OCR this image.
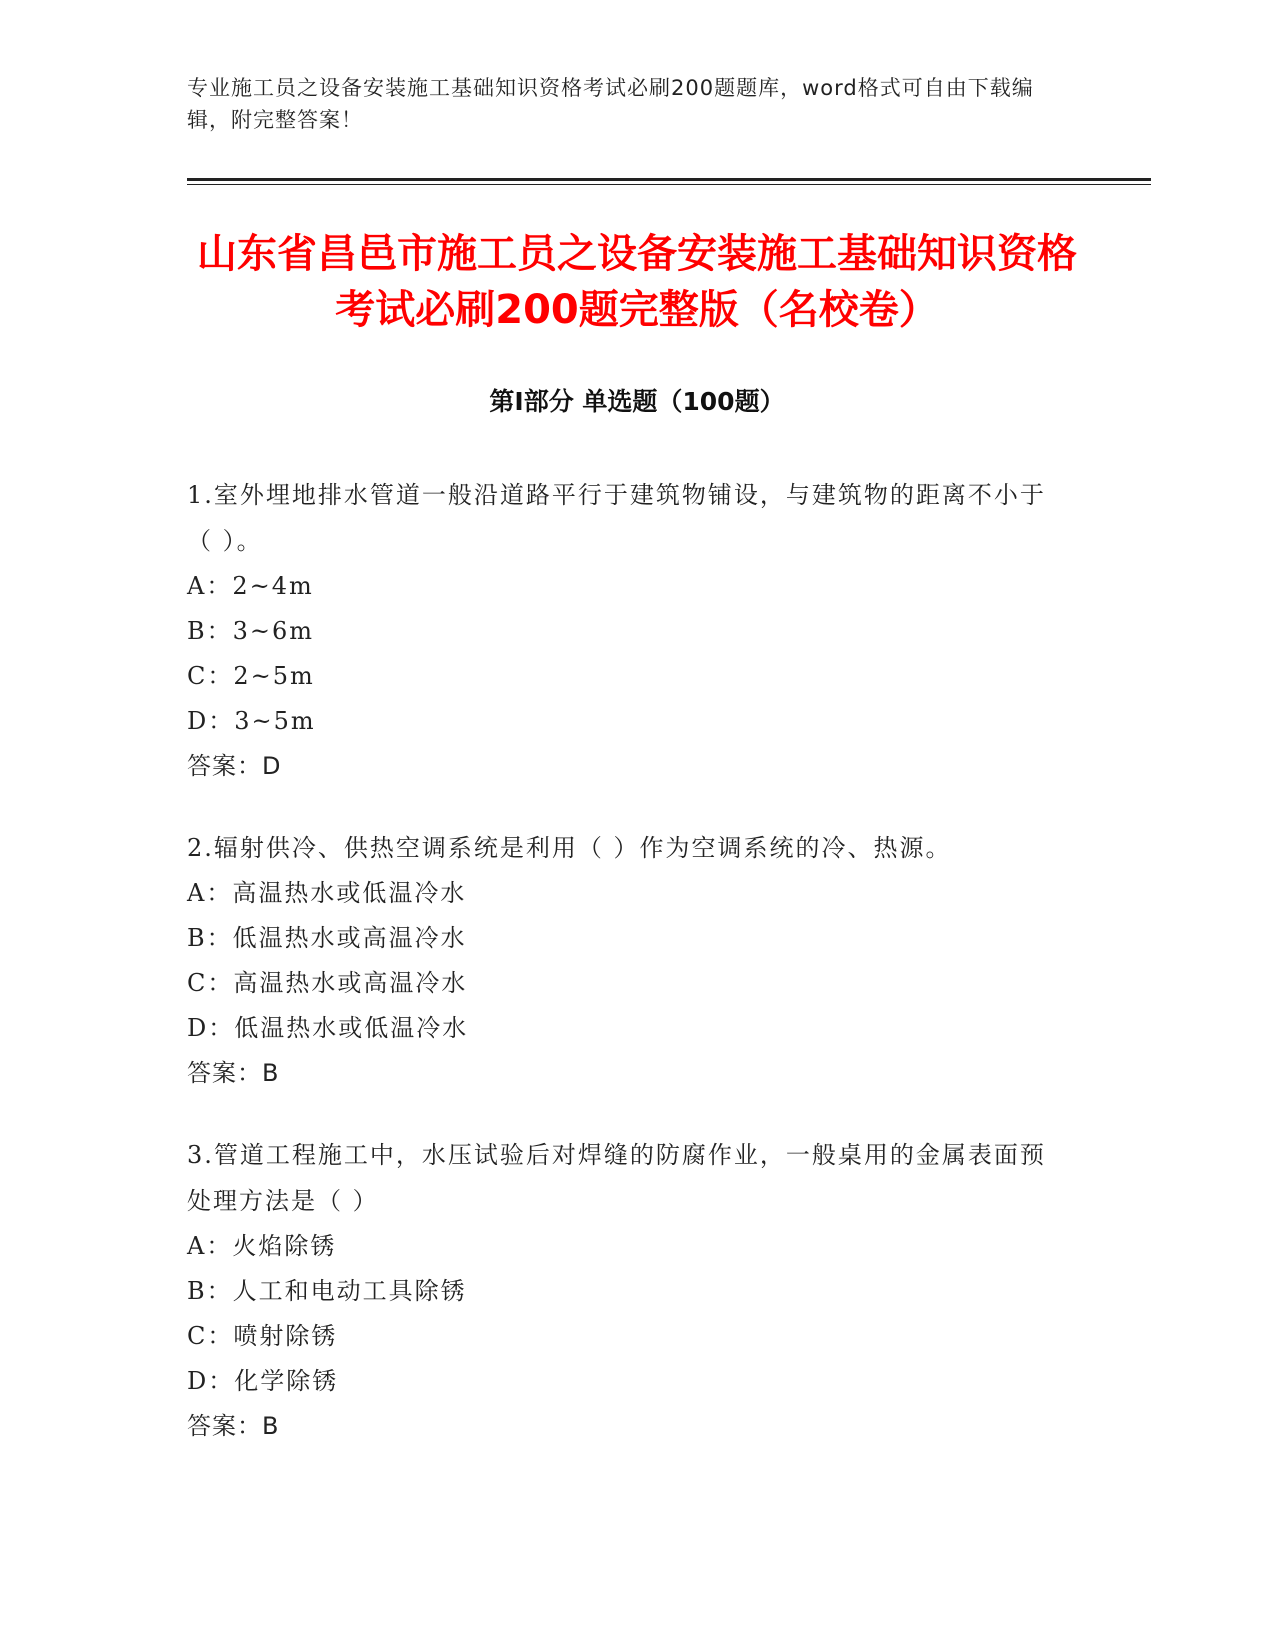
专业施工员之设备安装施工基础知识资格考试必刷200题题库，word格式可自由下载编辑，附完整答案！
山东省昌邑市施工员之设备安装施工基础知识资格考试必刷200题完整版（名校卷）
第Ⅰ部分 单选题（100题）
1.室外埋地排水管道一般沿道路平行于建筑物铺设，与建筑物的距离不小于（ ）。
A：2~4m
B：3~6m
C：2~5m
D：3~5m
答案：D
2.辐射供冷、供热空调系统是利用（ ）作为空调系统的冷、热源。
A：高温热水或低温冷水
B：低温热水或高温冷水
C：高温热水或高温冷水
D：低温热水或低温冷水
答案：B
3.管道工程施工中，水压试验后对焊缝的防腐作业，一般桌用的金属表面预处理方法是（ ）
A：火焰除锈
B：人工和电动工具除锈
C：喷射除锈
D：化学除锈
答案：B
